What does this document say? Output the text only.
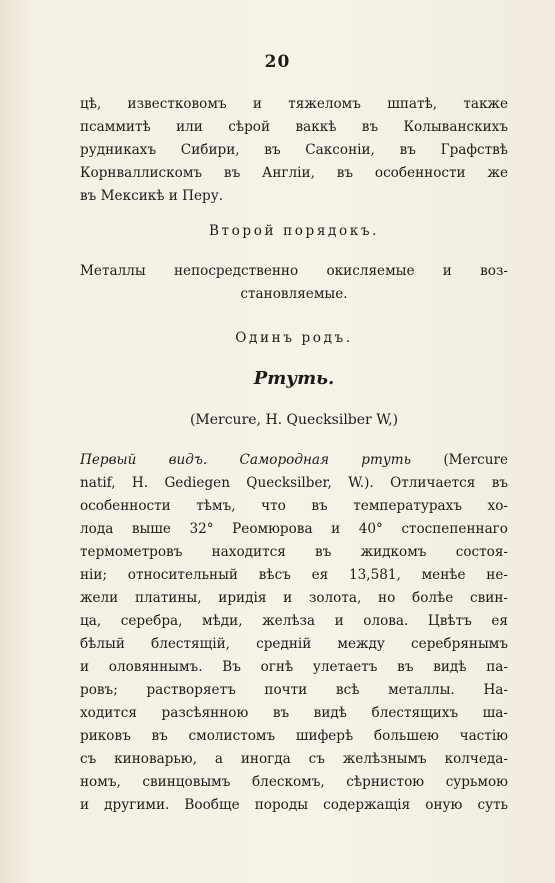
20
цѣ, известковомъ и тяжеломъ шпатѣ, также
псаммитѣ или сѣрой ваккѣ въ Колыванскихъ
рудникахъ Сибири, въ Саксоніи, въ Графствѣ
Корнваллискомъ въ Англіи, въ особенности же
въ Мексикѣ и Перу.
Второй порядокъ.
Металлы непосредственно окисляемые и воз-
становляемые.
Одинъ родъ.
Ртуть.
(Mercure, H. Quecksilber W,)
Первый видъ. Самородная ртуть (Mercure
natif, H. Gediegen Quecksilber, W.). Отличается въ
особенности тѣмъ, что въ температурахъ хо-
лода выше 32° Реомюрова и 40° стоспепеннаго
термометровъ находится въ жидкомъ состоя-
ніи; относительный вѣсъ ея 13,581, менѣе не-
жели платины, иридія и золота, но болѣе свин-
ца, серебра, мѣди, желѣза и олова. Цвѣтъ ея
бѣлый блестящій, средній между серебрянымъ
и оловяннымъ. Въ огнѣ улетаетъ въ видѣ па-
ровъ; растворяетъ почти всѣ металлы. На-
ходится разсѣянною въ видѣ блестящихъ ша-
риковъ въ смолистомъ шиферѣ большею частію
съ киноварью, а иногда съ желѣзнымъ колчеда-
номъ, свинцовымъ блескомъ, сѣрнистою сурьмою
и другими. Вообще породы содержащія оную суть
